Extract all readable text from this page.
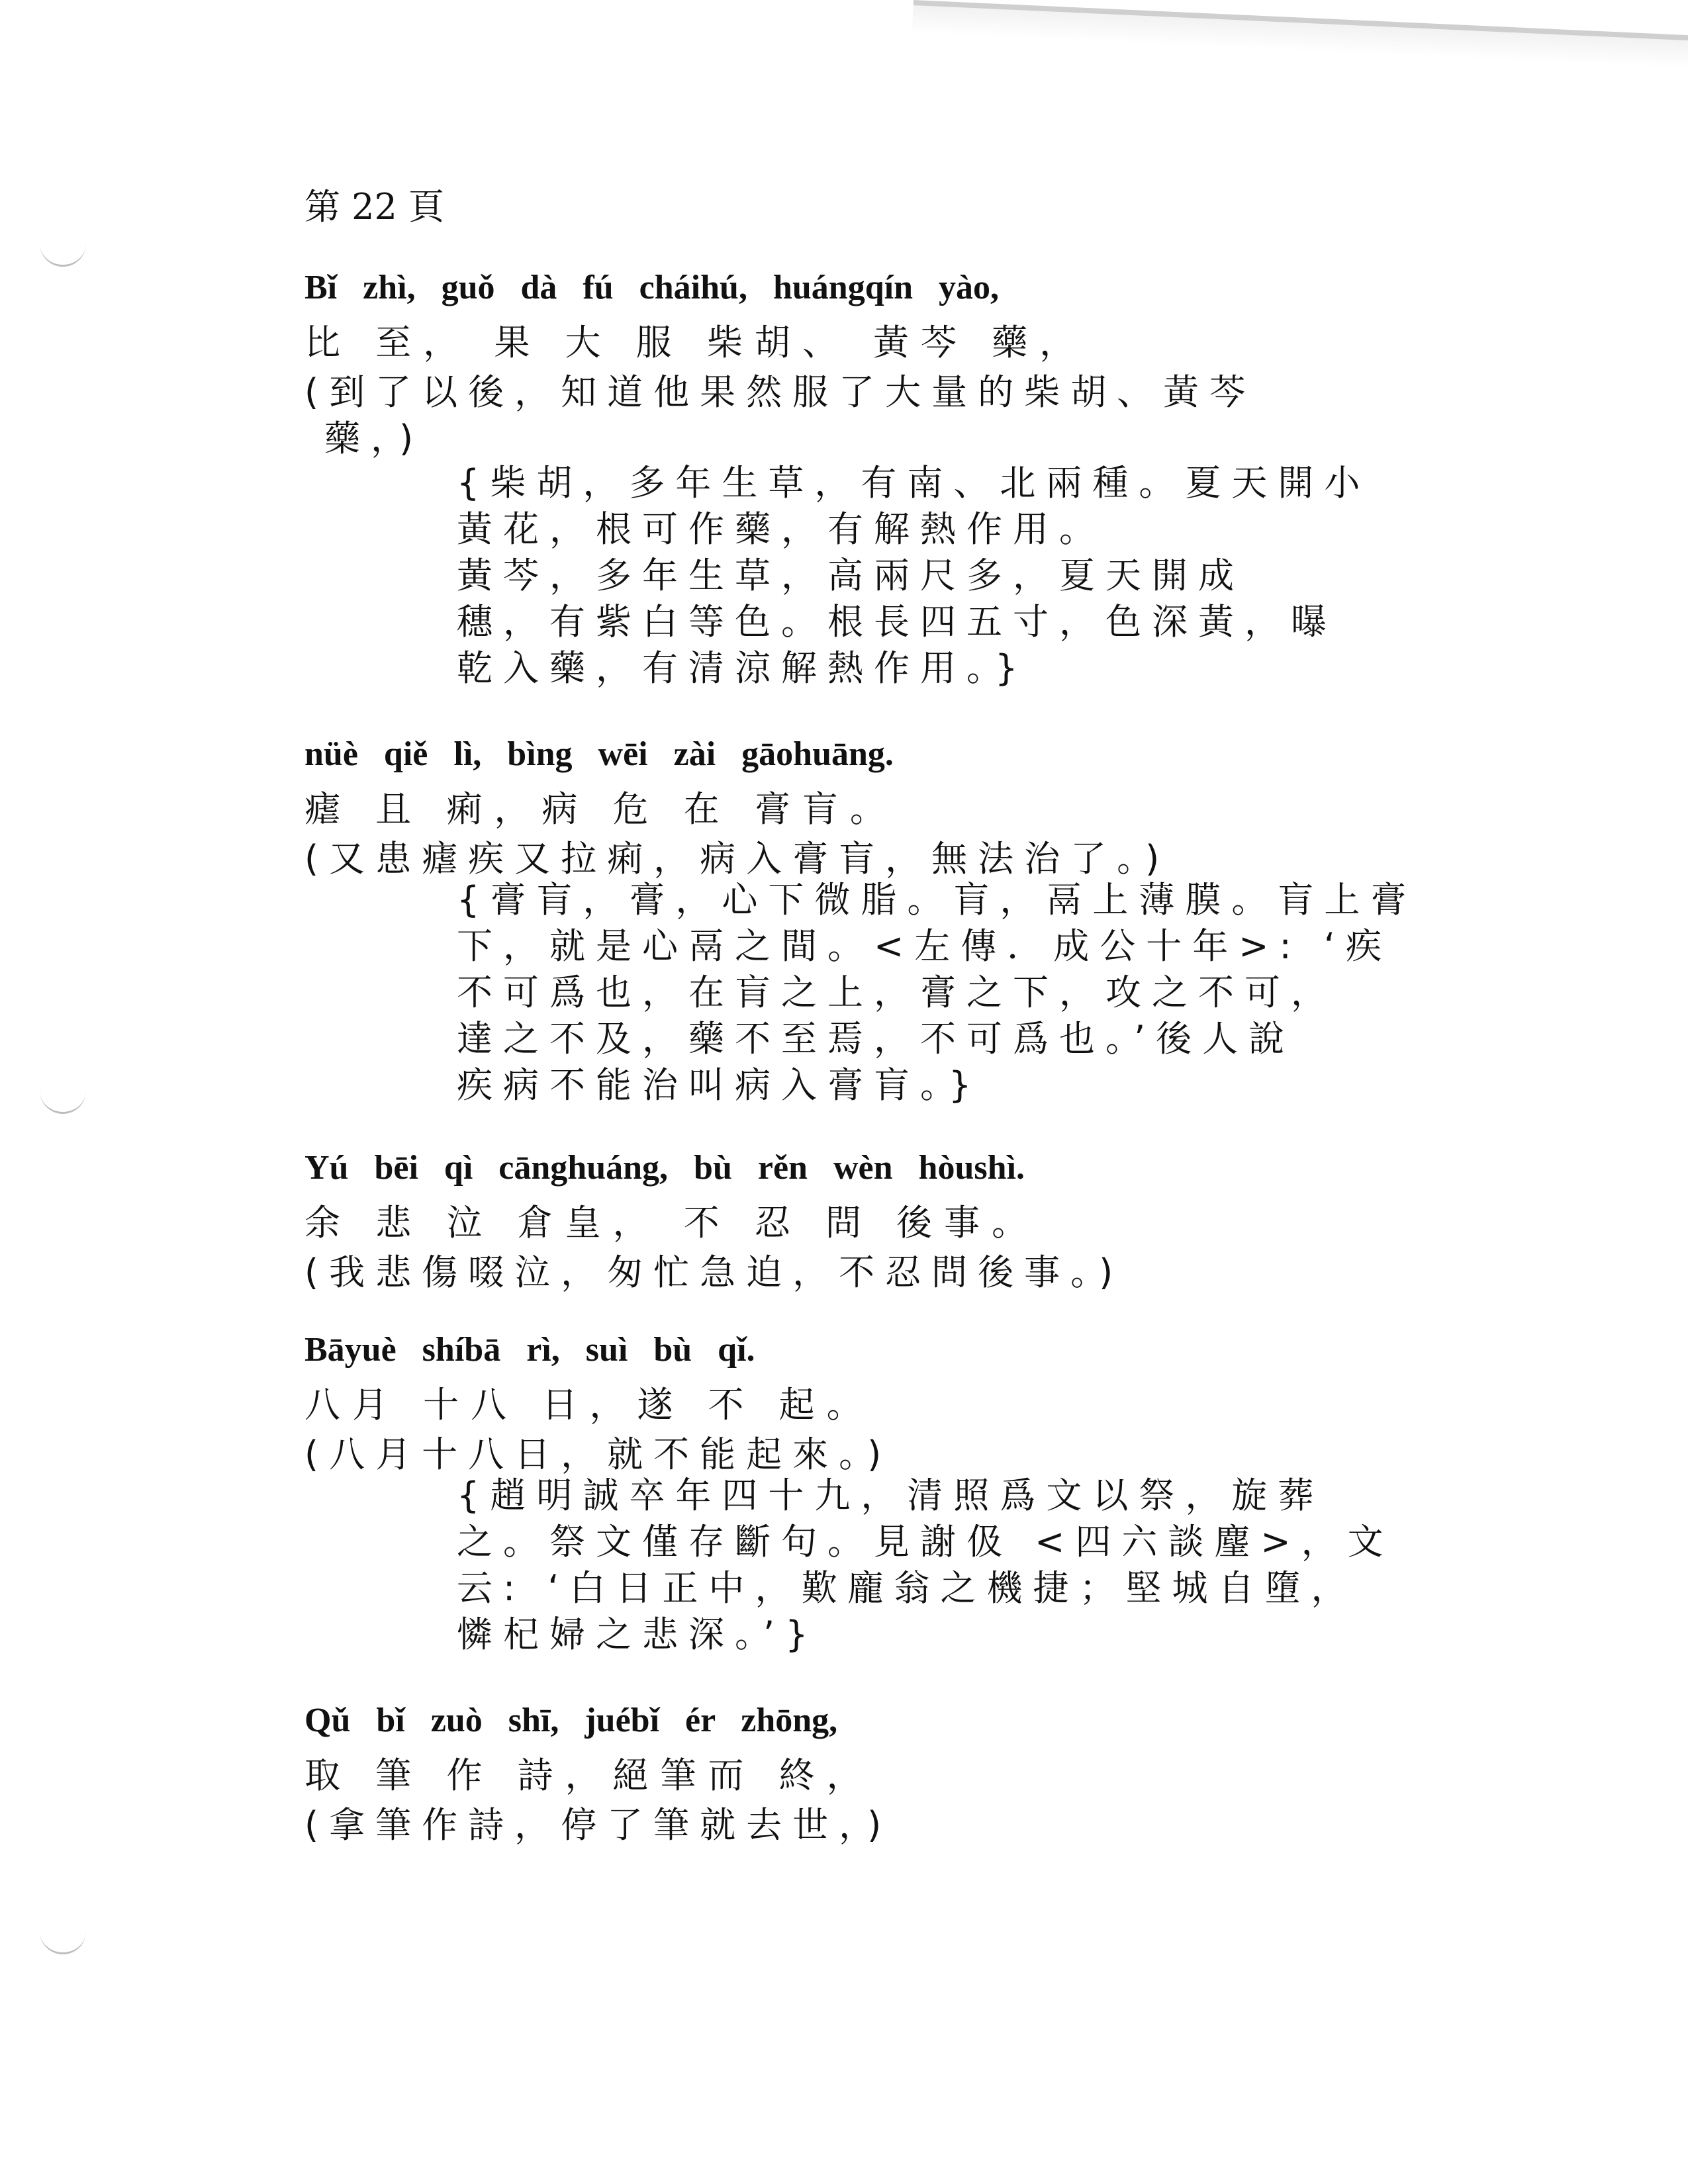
第 22 頁
Bǐ zhì, guǒ dà fú cháihú, huángqín yào,
比 至， 果 大 服 柴胡、 黃芩 藥，
(到了以後，知道他果然服了大量的柴胡、黃芩
藥，)
{柴胡，多年生草，有南、北兩種。夏天開小
黃花，根可作藥，有解熱作用。
黃芩，多年生草，高兩尺多，夏天開成
穗，有紫白等色。根長四五寸，色深黃，曝
乾入藥，有清涼解熱作用。}
nüè qiě lì, bìng wēi zài gāohuāng.
瘧 且 痢，病 危 在 膏肓。
(又患瘧疾又拉痢，病入膏肓，無法治了。)
{膏肓，膏，心下微脂。肓，鬲上薄膜。肓上膏
下，就是心鬲之間。<左傳．成公十年>: ‘疾
不可爲也，在肓之上，膏之下，攻之不可，
達之不及，藥不至焉，不可爲也。’後人說
疾病不能治叫病入膏肓。}
Yú bēi qì cānghuáng, bù rěn wèn hòushì.
余 悲 泣 倉皇， 不 忍 問 後事。
(我悲傷啜泣，匆忙急迫，不忍問後事。)
Bāyuè shíbā rì, suì bù qǐ.
八月 十八 日，遂 不 起。
(八月十八日，就不能起來。)
{趙明誠卒年四十九，清照爲文以祭，旋葬
之。祭文僅存斷句。見謝伋 <四六談麈>，文
云: ‘白日正中，歎龐翁之機捷；堅城自墮，
憐杞婦之悲深。’}
Qǔ bǐ zuò shī, juébǐ ér zhōng,
取 筆 作 詩，絕筆而 終，
(拿筆作詩，停了筆就去世，)
